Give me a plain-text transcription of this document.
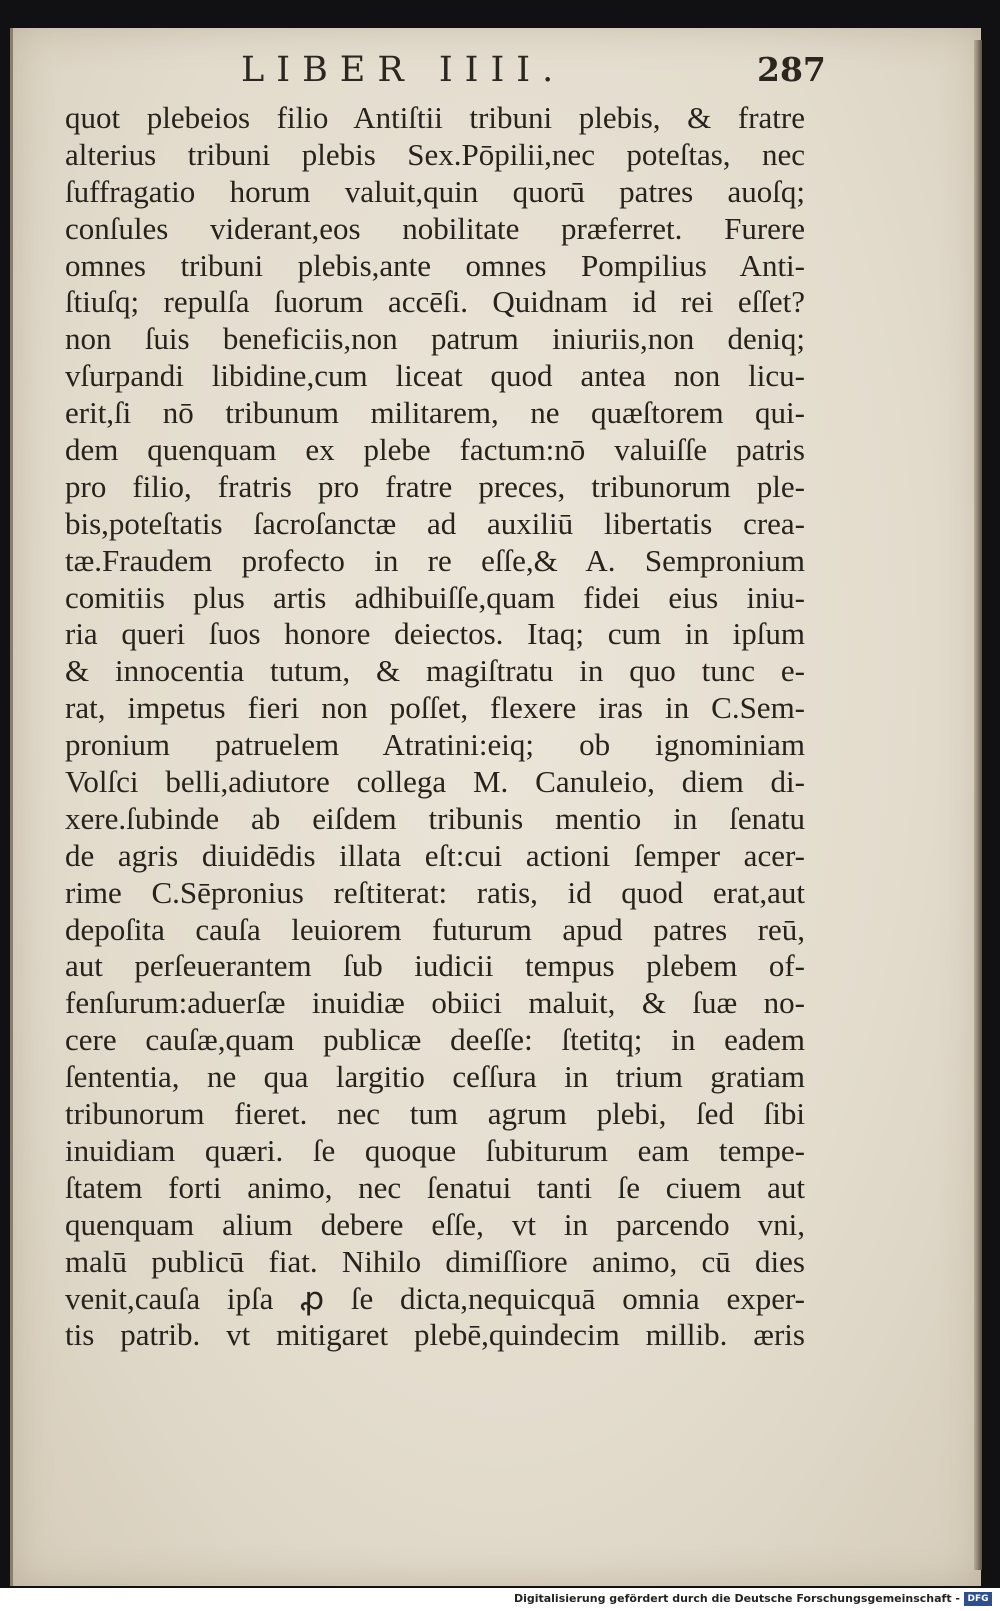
LIBER IIII.	287
quot plebeios filio Antiſtii tribuni plebis, & fratre
alterius tribuni plebis Sex.Pōpilii,nec poteſtas, nec
ſuffragatio horum valuit,quin quorū patres auoſq;
conſules viderant,eos nobilitate præferret. Furere
omnes tribuni plebis,ante omnes Pompilius Anti-
ſtiuſq; repulſa ſuorum accēſi. Quidnam id rei eſſet?
non ſuis beneficiis,non patrum iniuriis,non deniq;
vſurpandi libidine,cum liceat quod antea non licu-
erit,ſi nō tribunum militarem, ne quæſtorem qui-
dem quenquam ex plebe factum:nō valuiſſe patris
pro filio, fratris pro fratre preces, tribunorum ple-
bis,poteſtatis ſacroſanctæ ad auxiliū libertatis crea-
tæ.Fraudem profecto in re eſſe,& A. Sempronium
comitiis plus artis adhibuiſſe,quam fidei eius iniu-
ria queri ſuos honore deiectos. Itaq; cum in ipſum
& innocentia tutum, & magiſtratu in quo tunc e-
rat, impetus fieri non poſſet, flexere iras in C.Sem-
pronium patruelem Atratini:eiq; ob ignominiam
Volſci belli,adiutore collega M. Canuleio, diem di-
xere.ſubinde ab eiſdem tribunis mentio in ſenatu
de agris diuidēdis illata eſt:cui actioni ſemper acer-
rime C.Sēpronius reſtiterat: ratis, id quod erat,aut
depoſita cauſa leuiorem futurum apud patres reū,
aut perſeuerantem ſub iudicii tempus plebem of-
fenſurum:aduerſæ inuidiæ obiici maluit, & ſuæ no-
cere cauſæ,quam publicæ deeſſe: ſtetitq; in eadem
ſententia, ne qua largitio ceſſura in trium gratiam
tribunorum fieret. nec tum agrum plebi, ſed ſibi
inuidiam quæri. ſe quoque ſubiturum eam tempe-
ſtatem forti animo, nec ſenatui tanti ſe ciuem aut
quenquam alium debere eſſe, vt in parcendo vni,
malū publicū fiat. Nihilo dimiſſiore animo, cū dies
venit,cauſa ipſa ꝓ ſe dicta,nequicquā omnia exper-
tis patrib. vt mitigaret plebē,quindecim millib. æris
Digitalisierung gefördert durch die Deutsche Forschungsgemeinschaft - DFG
